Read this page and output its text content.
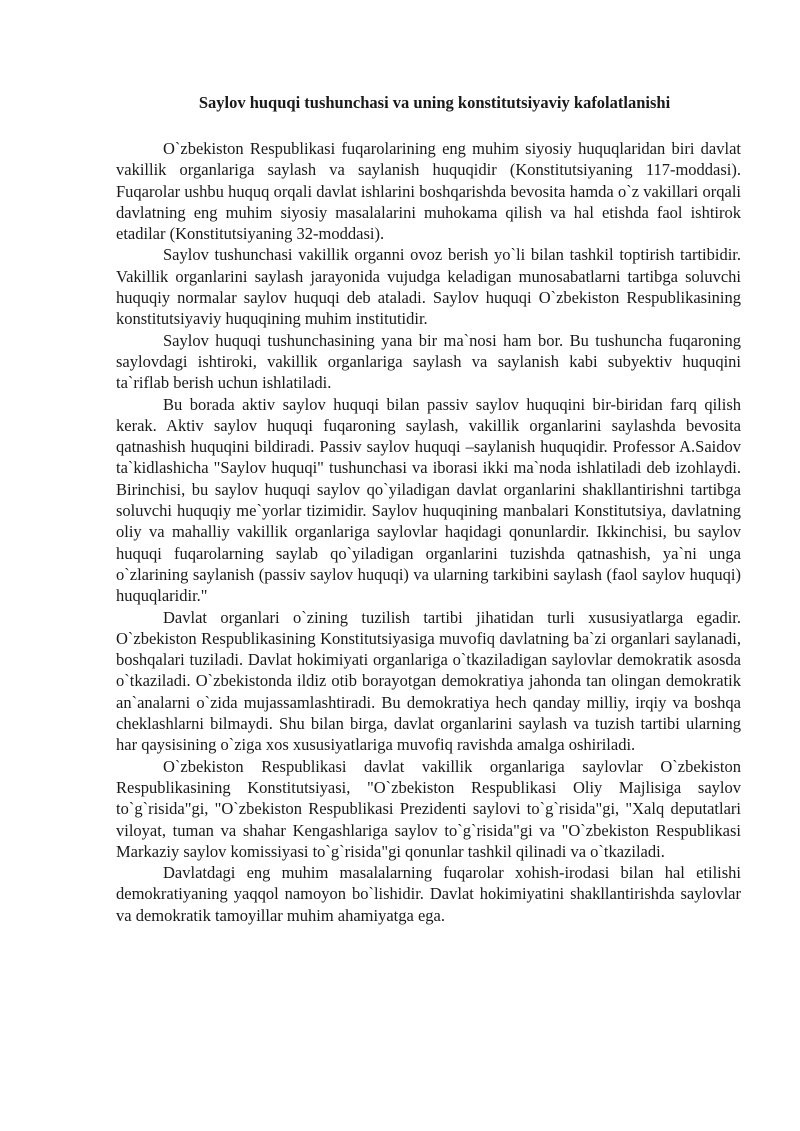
Saylov huquqi tushunchasi va uning konstitutsiyaviy kafolatlanishi

O`zbekiston Respublikasi fuqarolarining eng muhim siyosiy huquqlaridan biri davlat vakillik organlariga saylash va saylanish huquqidir (Konstitutsiyaning 117-moddasi). Fuqarolar ushbu huquq orqali davlat ishlarini boshqarishda bevosita hamda o`z vakillari orqali davlatning eng muhim siyosiy masalalarini muhokama qilish va hal etishda faol ishtirok etadilar (Konstitutsiyaning 32-moddasi).

Saylov tushunchasi vakillik organni ovoz berish yo`li bilan tashkil toptirish tartibidir. Vakillik organlarini saylash jarayonida vujudga keladigan munosabatlarni tartibga soluvchi huquqiy normalar saylov huquqi deb ataladi. Saylov huquqi O`zbekiston Respublikasining konstitutsiyaviy huquqining muhim institutidir.

Saylov huquqi tushunchasining yana bir ma`nosi ham bor. Bu tushuncha fuqaroning saylovdagi ishtiroki, vakillik organlariga saylash va saylanish kabi subyektiv huquqini ta`riflab berish uchun ishlatiladi.

Bu borada aktiv saylov huquqi bilan passiv saylov huquqini bir-biridan farq qilish kerak. Aktiv saylov huquqi fuqaroning saylash, vakillik organlarini saylashda bevosita qatnashish huquqini bildiradi. Passiv saylov huquqi –saylanish huquqidir. Professor A.Saidov ta`kidlashicha "Saylov huquqi" tushunchasi va iborasi ikki ma`noda ishlatiladi deb izohlaydi. Birinchisi, bu saylov huquqi saylov qo`yiladigan davlat organlarini shakllantirishni tartibga soluvchi huquqiy me`yorlar tizimidir. Saylov huquqining manbalari Konstitutsiya, davlatning oliy va mahalliy vakillik organlariga saylovlar haqidagi qonunlardir. Ikkinchisi, bu saylov huquqi fuqarolarning saylab qo`yiladigan organlarini tuzishda qatnashish, ya`ni unga o`zlarining saylanish (passiv saylov huquqi) va ularning tarkibini saylash (faol saylov huquqi) huquqlaridir."

Davlat organlari o`zining tuzilish tartibi jihatidan turli xususiyatlarga egadir. O`zbekiston Respublikasining Konstitutsiyasiga muvofiq davlatning ba`zi organlari saylanadi, boshqalari tuziladi. Davlat hokimiyati organlariga o`tkaziladigan saylovlar demokratik asosda o`tkaziladi. O`zbekistonda ildiz otib borayotgan demokratiya jahonda tan olingan demokratik an`analarni o`zida mujassamlashtiradi. Bu demokratiya hech qanday milliy, irqiy va boshqa cheklashlarni bilmaydi. Shu bilan birga, davlat organlarini saylash va tuzish tartibi ularning har qaysisining o`ziga xos xususiyatlariga muvofiq ravishda amalga oshiriladi.

O`zbekiston Respublikasi davlat vakillik organlariga saylovlar O`zbekiston Respublikasining Konstitutsiyasi, "O`zbekiston Respublikasi Oliy Majlisiga saylov to`g`risida"gi, "O`zbekiston Respublikasi Prezidenti saylovi to`g`risida"gi, "Xalq deputatlari viloyat, tuman va shahar Kengashlariga saylov to`g`risida"gi va "O`zbekiston Respublikasi Markaziy saylov komissiyasi to`g`risida"gi qonunlar tashkil qilinadi va o`tkaziladi.

Davlatdagi eng muhim masalalarning fuqarolar xohish-irodasi bilan hal etilishi demokratiyaning yaqqol namoyon bo`lishidir. Davlat hokimiyatini shakllantirishda saylovlar va demokratik tamoyillar muhim ahamiyatga ega.
